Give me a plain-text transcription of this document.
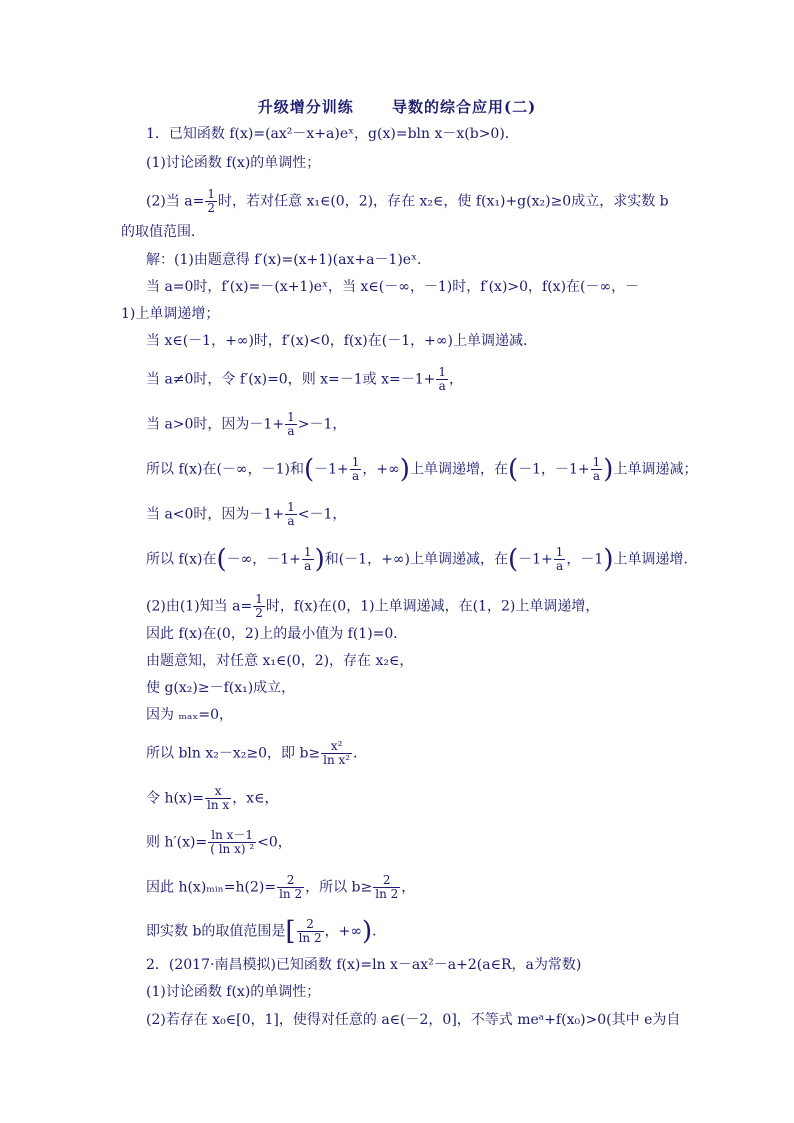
升级增分训练	导数的综合应用(二)
1．已知函数 f(x)=(ax²－x+a)eˣ，g(x)=bln x－x(b>0)．
(1)讨论函数 f(x)的单调性；
(2)当 $a= \frac{1}{2}$ 时，若对任意 x₁∈(0，2)，存在 x₂∈，使 f(x₁)+g(x₂)≥0成立，求实数 b
的取值范围．
解：(1)由题意得 f′(x)=(x+1)(ax+a－1)eˣ．
当 a=0时，f′(x)=－(x+1)eˣ，当 x∈(－∞，－1)时，f′(x)>0，f(x)在(－∞，－
1)上单调递增；
当 x∈(－1，+∞)时，f′(x)<0，f(x)在(－1，+∞)上单调递减．
当 a≠0时，令 f′(x)=0，则 x=－1或 $x=-1+ \frac{1}{a}$ ，
当 a>0时，因为$-1+ \frac{1}{a} >-1$，
所以 f(x)在(－∞，－1)和($-1+ \frac{1}{a}$ ，+∞)上单调递增，在(－1，$-1+ \frac{1}{a}$ )上单调递减；
当 a<0时，因为$-1+ \frac{1}{a} <-1$，
所以 f(x)在(－∞，$-1+ \frac{1}{a}$ )和(－1，+∞)上单调递减，在($-1+ \frac{1}{a}$ ，－1)上单调递增．
(2)由(1)知当 $a= \frac{1}{2}$ 时，f(x)在(0，1)上单调递减，在(1，2)上单调递增，
因此 f(x)在(0，2)上的最小值为 f(1)=0．
由题意知，对任意 x₁∈(0，2)，存在 x₂∈，
使 g(x₂)≥－f(x₁)成立，
因为 ₘₐₓ=0，
所以 bln x₂－x₂≥0，即 $b\ge \frac{\text{x²}}{\text{ln x²}}$ ．
令 $h(x)= \frac{x}{\text{ln x}}$ ，x∈，
则 $h'(x)= \frac{\text{ln x－1}}{\text{( ln x) ²}} <0$，
因此 h(x)ₘᵢₙ=h(2)= $\frac{2}{\ln 2}$ ，所以 $b\ge \frac{2}{\ln 2}$ ，
即实数 b的取值范围是[ $\frac{2}{\ln 2}$ ，+∞)．
2．(2017·南昌模拟)已知函数 f(x)=ln x－ax²－a+2(a∈R，a为常数)
(1)讨论函数 f(x)的单调性；
(2)若存在 x₀∈[0，1]，使得对任意的 a∈(－2，0]，不等式 meᵃ+f(x₀)>0(其中 e为自
